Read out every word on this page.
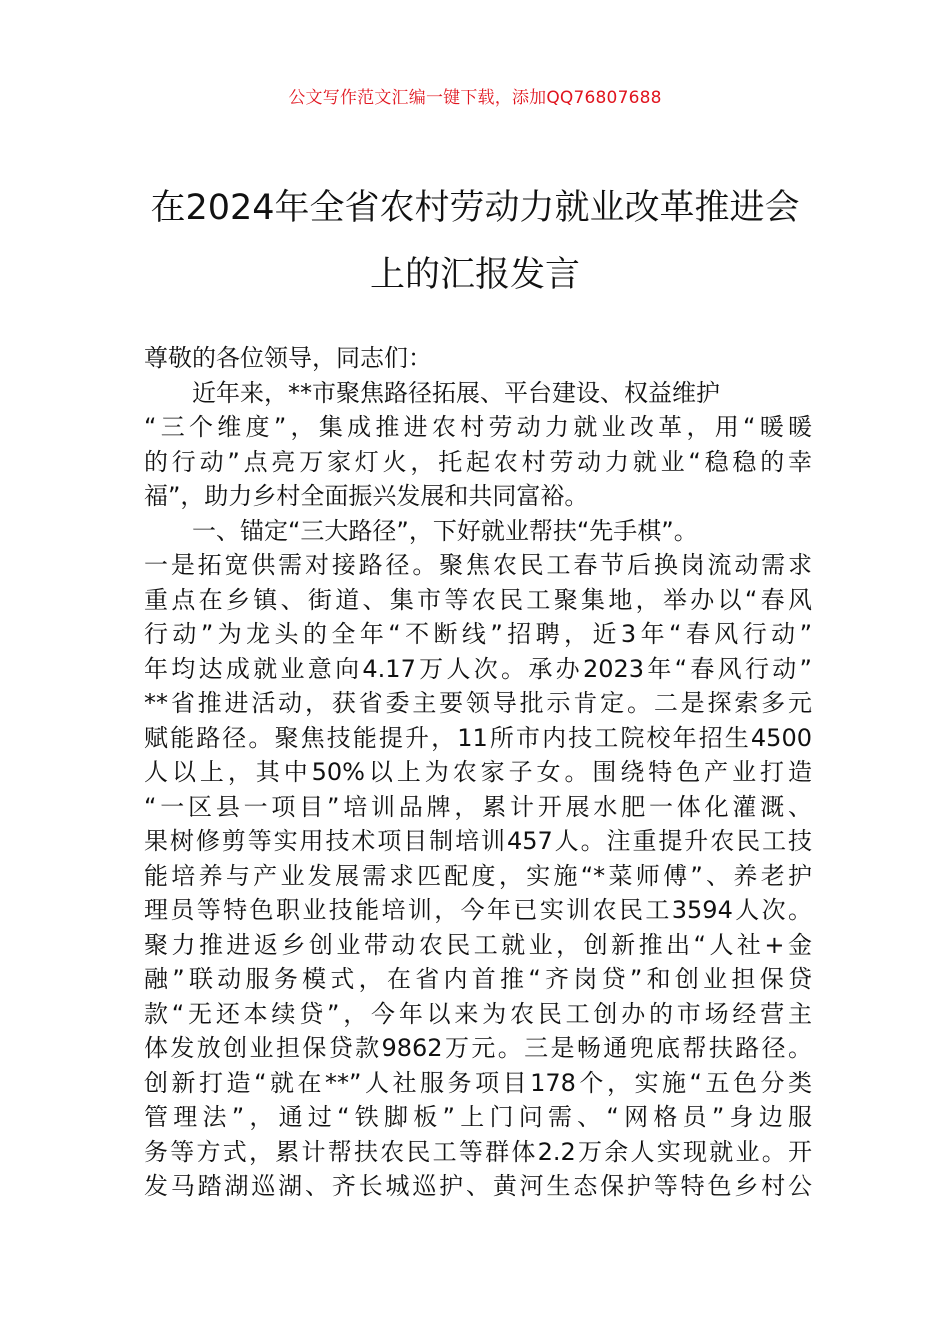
公文写作范文汇编一键下载，添加QQ76807688
在2024年全省农村劳动力就业改革推进会
上的汇报发言
尊敬的各位领导，同志们：
近年来，**市聚焦路径拓展、平台建设、权益维护
“三个维度”，集成推进农村劳动力就业改革，用“暖暖
的行动”点亮万家灯火，托起农村劳动力就业“稳稳的幸
福”，助力乡村全面振兴发展和共同富裕。
一、锚定“三大路径”，下好就业帮扶“先手棋”。
一是拓宽供需对接路径。聚焦农民工春节后换岗流动需求
重点在乡镇、街道、集市等农民工聚集地，举办以“春风
行动”为龙头的全年“不断线”招聘，近3年“春风行动”
年均达成就业意向4.17万人次。承办2023年“春风行动”
**省推进活动，获省委主要领导批示肯定。二是探索多元
赋能路径。聚焦技能提升，11所市内技工院校年招生4500
人以上，其中50%以上为农家子女。围绕特色产业打造
“一区县一项目”培训品牌，累计开展水肥一体化灌溉、
果树修剪等实用技术项目制培训457人。注重提升农民工技
能培养与产业发展需求匹配度，实施“*菜师傅”、养老护
理员等特色职业技能培训，今年已实训农民工3594人次。
聚力推进返乡创业带动农民工就业，创新推出“人社+金
融”联动服务模式，在省内首推“齐岗贷”和创业担保贷
款“无还本续贷”，今年以来为农民工创办的市场经营主
体发放创业担保贷款9862万元。三是畅通兜底帮扶路径。
创新打造“就在**”人社服务项目178个，实施“五色分类
管理法”，通过“铁脚板”上门问需、“网格员”身边服
务等方式，累计帮扶农民工等群体2.2万余人实现就业。开
发马踏湖巡湖、齐长城巡护、黄河生态保护等特色乡村公
